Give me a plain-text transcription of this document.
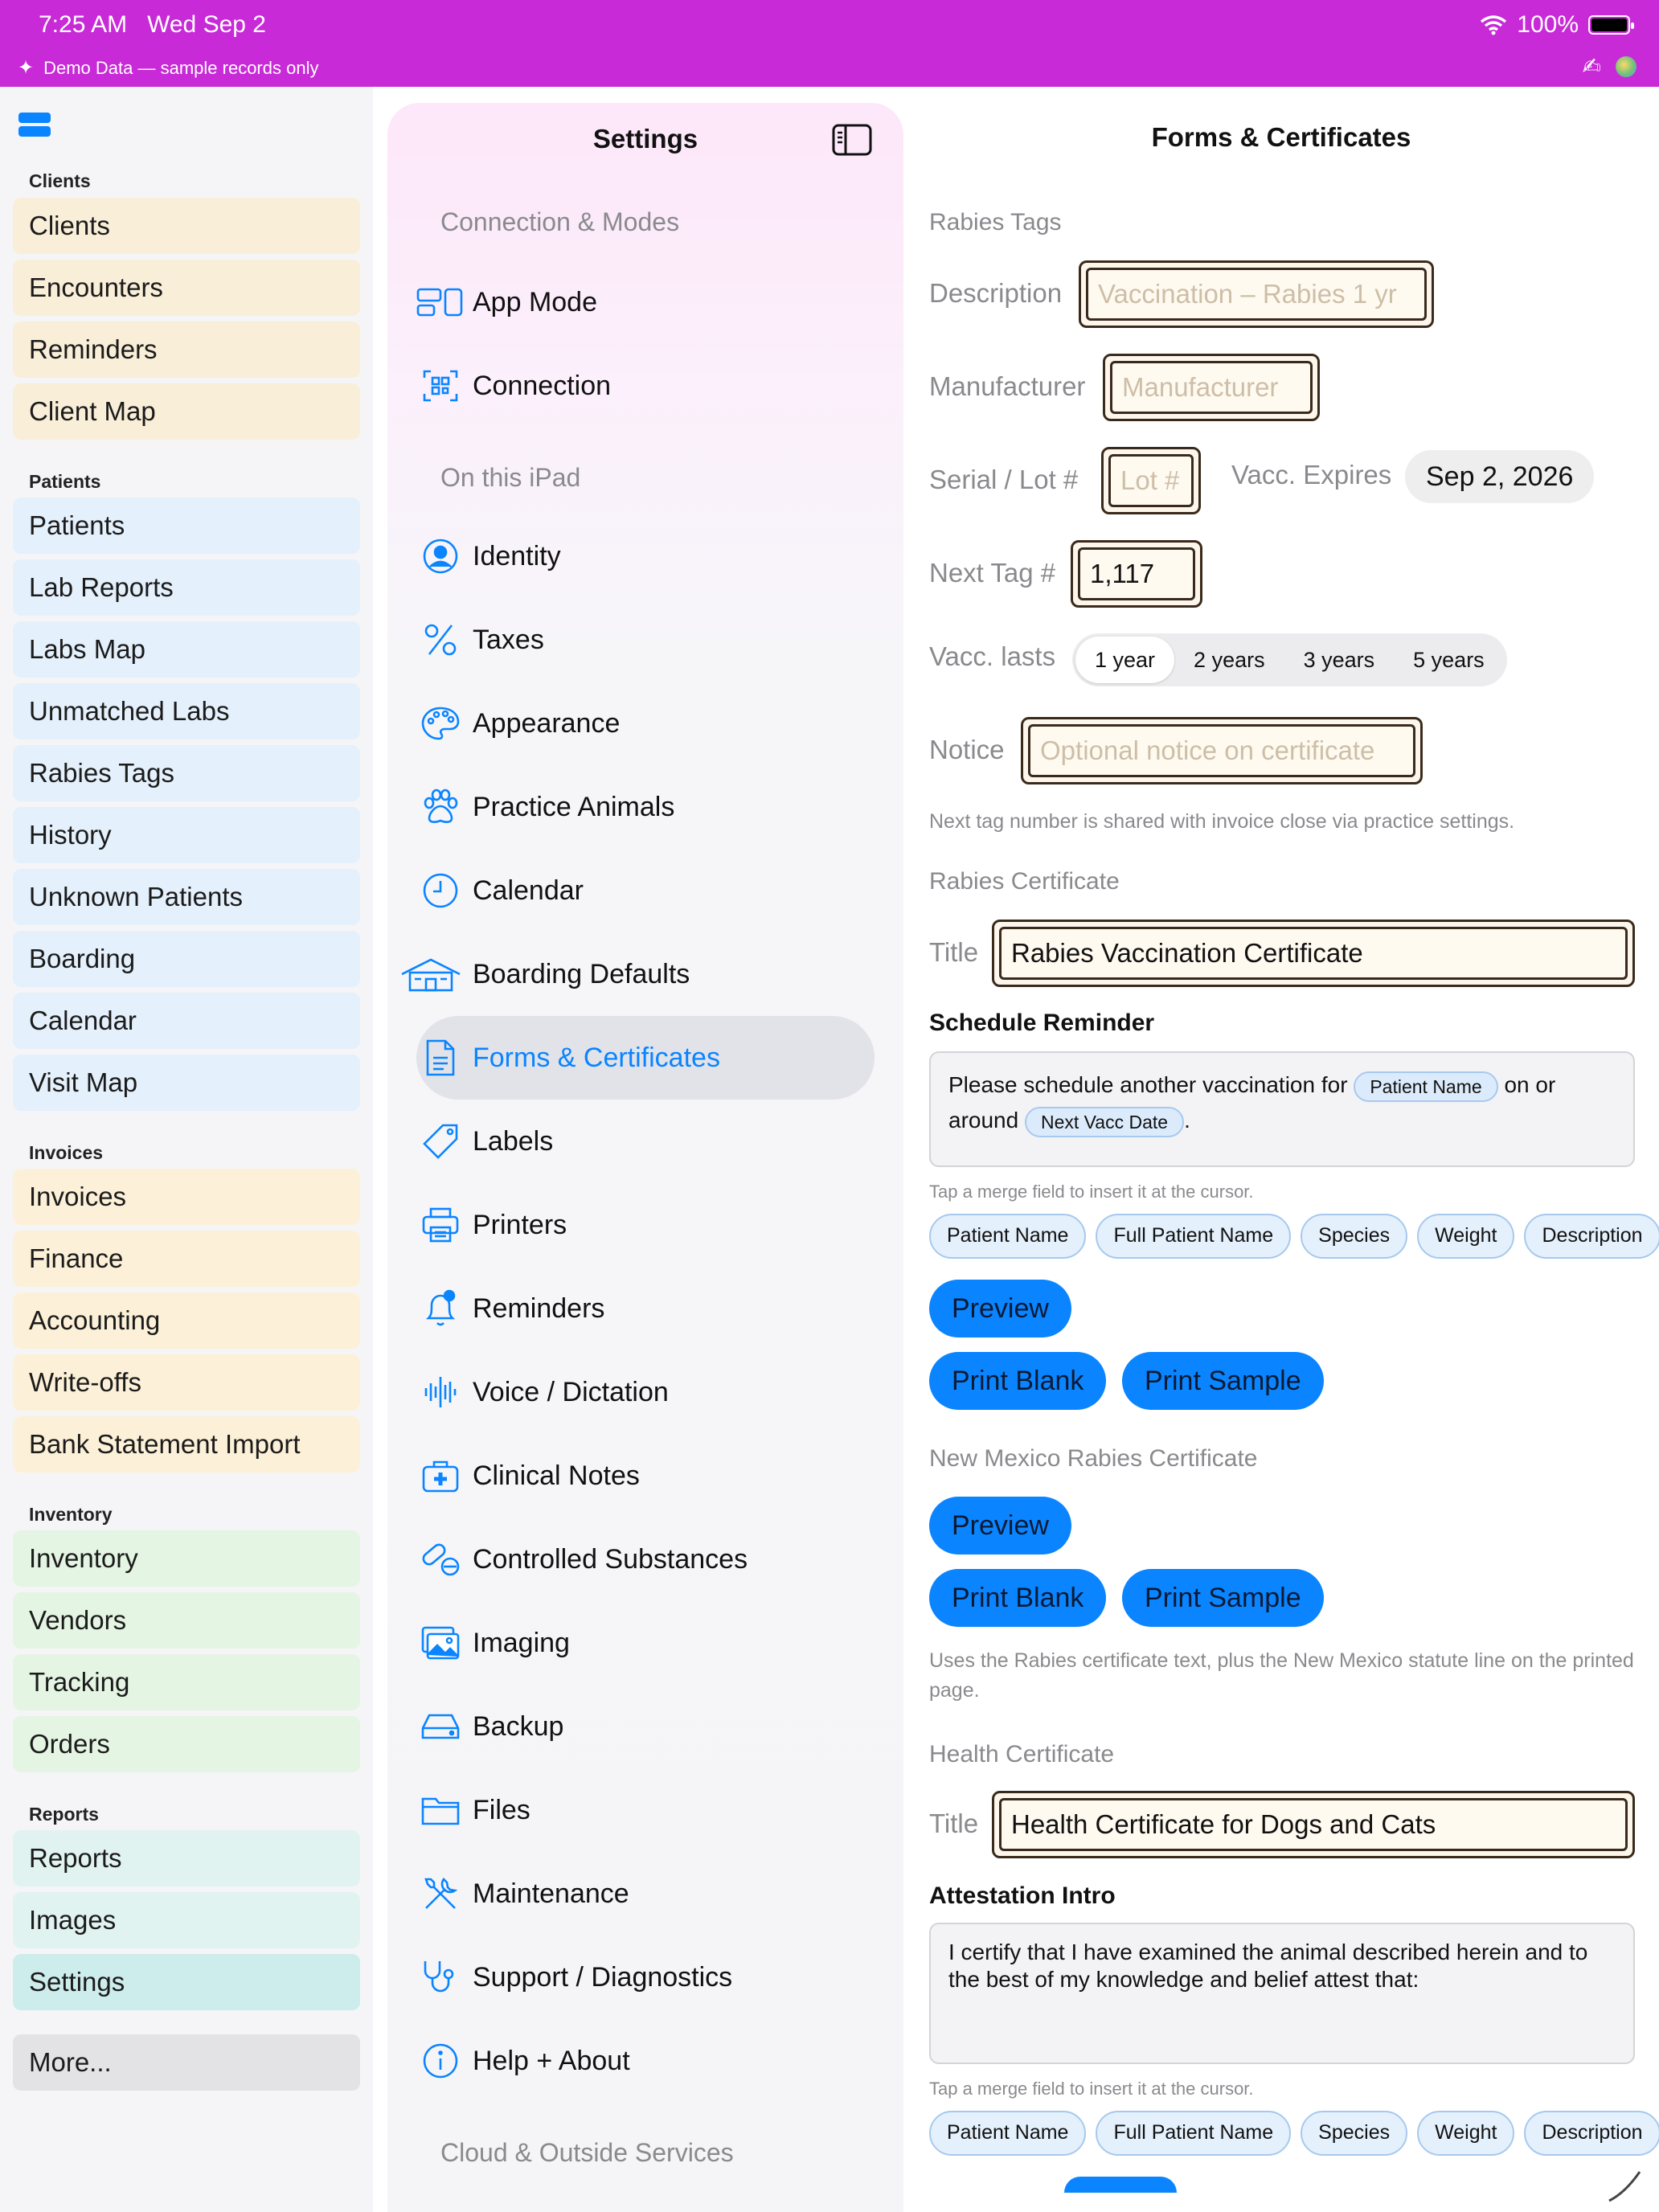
7:25 AM Wed Sep 2	100%
✦ Demo Data — sample records only	✍
Clients
Clients
Encounters
Reminders
Client Map
Patients
Patients
Lab Reports
Labs Map
Unmatched Labs
Rabies Tags
History
Unknown Patients
Boarding
Calendar
Visit Map
Invoices
Invoices
Finance
Accounting
Write-offs
Bank Statement Import
Inventory
Inventory
Vendors
Tracking
Orders
Reports
Reports
Images
Settings
More...
Settings
Connection & Modes
App Mode
Connection
On this iPad
Identity
Taxes
Appearance
Practice Animals
Calendar
Boarding Defaults
Forms & Certificates
Labels
Printers
Reminders
Voice / Dictation
Clinical Notes
Controlled Substances
Imaging
Backup
Files
Maintenance
Support / Diagnostics
Help + About
Cloud & Outside Services
Forms & Certificates
Rabies Tags
Description	Vaccination – Rabies 1 yr
Manufacturer	Manufacturer
Serial / Lot #	Lot #	Vacc. Expires	Sep 2, 2026
Next Tag #	1,117
Vacc. lasts	1 year	2 years	3 years	5 years
Notice	Optional notice on certificate
Next tag number is shared with invoice close via practice settings.
Rabies Certificate
Title	Rabies Vaccination Certificate
Schedule Reminder
Please schedule another vaccination for Patient Name on or around Next Vacc Date .
Tap a merge field to insert it at the cursor.
Patient Name Full Patient Name Species Weight Description
Preview
Print Blank	Print Sample
New Mexico Rabies Certificate
Preview
Print Blank	Print Sample
Uses the Rabies certificate text, plus the New Mexico statute line on the printed page.
Health Certificate
Title	Health Certificate for Dogs and Cats
Attestation Intro
I certify that I have examined the animal described herein and to the best of my knowledge and belief attest that:
Tap a merge field to insert it at the cursor.
Patient Name Full Patient Name Species Weight Description
